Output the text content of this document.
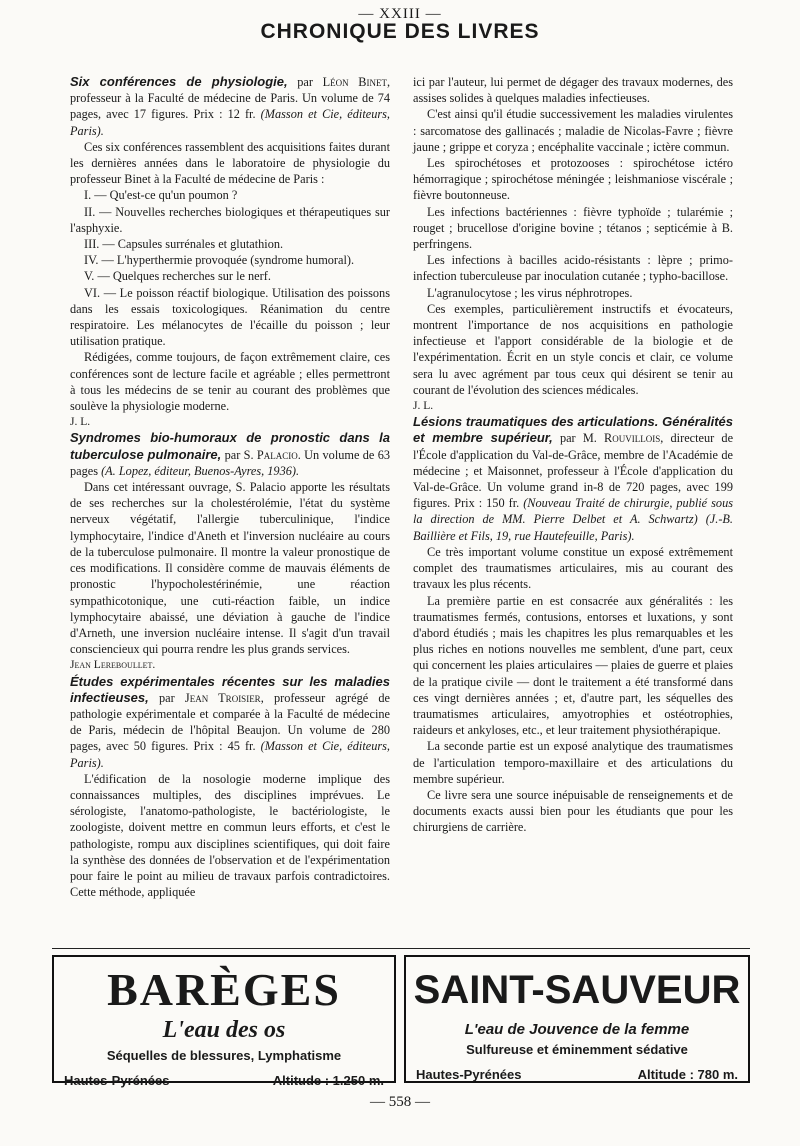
— XXIII —
CHRONIQUE DES LIVRES

Six conférences de physiologie, par Léon Binet, professeur à la Faculté de médecine de Paris. Un volume de 74 pages, avec 17 figures. Prix : 12 fr. (Masson et Cie, éditeurs, Paris).

Ces six conférences rassemblent des acquisitions faites durant les dernières années dans le laboratoire de physiologie du professeur Binet à la Faculté de médecine de Paris :

I. — Qu'est-ce qu'un poumon ?

II. — Nouvelles recherches biologiques et thérapeutiques sur l'asphyxie.

III. — Capsules surrénales et glutathion.

IV. — L'hyperthermie provoquée (syndrome humoral).

V. — Quelques recherches sur le nerf.

VI. — Le poisson réactif biologique. Utilisation des poissons dans les essais toxicologiques. Réanimation du centre respiratoire. Les mélanocytes de l'écaille du poisson ; leur utilisation pratique.

Rédigées, comme toujours, de façon extrêmement claire, ces conférences sont de lecture facile et agréable ; elles permettront à tous les médecins de se tenir au courant des problèmes que soulève la physiologie moderne.

J. L.

Syndromes bio-humoraux de pronostic dans la tuberculose pulmonaire, par S. Palacio. Un volume de 63 pages (A. Lopez, éditeur, Buenos-Ayres, 1936).

Dans cet intéressant ouvrage, S. Palacio apporte les résultats de ses recherches sur la cholestérolémie, l'état du système nerveux végétatif, l'allergie tuberculinique, l'indice lymphocytaire, l'indice d'Aneth et l'inversion nucléaire au cours de la tuberculose pulmonaire. Il montre la valeur pronostique de ces modifications. Il considère comme de mauvais éléments de pronostic l'hypocholestérinémie, une réaction sympathicotonique, une cuti-réaction faible, un indice lymphocytaire abaissé, une déviation à gauche de l'indice d'Arneth, une inversion nucléaire intense. Il s'agit d'un travail consciencieux qui pourra rendre les plus grands services.

Jean Lereboullet.

Études expérimentales récentes sur les maladies infectieuses, par Jean Troisier, professeur agrégé de pathologie expérimentale et comparée à la Faculté de médecine de Paris, médecin de l'hôpital Beaujon. Un volume de 280 pages, avec 50 figures. Prix : 45 fr. (Masson et Cie, éditeurs, Paris).

L'édification de la nosologie moderne implique des connaissances multiples, des disciplines imprévues. Le sérologiste, l'anatomo-pathologiste, le bactériologiste, le zoologiste, doivent mettre en commun leurs efforts, et c'est le pathologiste, rompu aux disciplines scientifiques, qui doit faire la synthèse des données de l'observation et de l'expérimentation pour faire le point au milieu de travaux parfois contradictoires. Cette méthode, appliquée

ici par l'auteur, lui permet de dégager des travaux modernes, des assises solides à quelques maladies infectieuses.

C'est ainsi qu'il étudie successivement les maladies virulentes : sarcomatose des gallinacés ; maladie de Nicolas-Favre ; fièvre jaune ; grippe et coryza ; encéphalite vaccinale ; ictère commun.

Les spirochétoses et protozooses : spirochétose ictéro hémorragique ; spirochétose méningée ; leishmaniose viscérale ; fièvre boutonneuse.

Les infections bactériennes : fièvre typhoïde ; tularémie ; rouget ; brucellose d'origine bovine ; tétanos ; septicémie à B. perfringens.

Les infections à bacilles acido-résistants : lèpre ; primo-infection tuberculeuse par inoculation cutanée ; typho-bacillose.

L'agranulocytose ; les virus néphrotropes.

Ces exemples, particulièrement instructifs et évocateurs, montrent l'importance de nos acquisitions en pathologie infectieuse et l'apport considérable de la biologie et de l'expérimentation. Écrit en un style concis et clair, ce volume sera lu avec agrément par tous ceux qui désirent se tenir au courant de l'évolution des sciences médicales.

J. L.

Lésions traumatiques des articulations. Généralités et membre supérieur, par M. Rouvillois, directeur de l'École d'application du Val-de-Grâce, membre de l'Académie de médecine ; et Maisonnet, professeur à l'École d'application du Val-de-Grâce. Un volume grand in-8 de 720 pages, avec 199 figures. Prix : 150 fr. (Nouveau Traité de chirurgie, publié sous la direction de MM. Pierre Delbet et A. Schwartz) (J.-B. Baillière et Fils, 19, rue Hautefeuille, Paris).

Ce très important volume constitue un exposé extrêmement complet des traumatismes articulaires, mis au courant des travaux les plus récents.

La première partie en est consacrée aux généralités : les traumatismes fermés, contusions, entorses et luxations, y sont d'abord étudiés ; mais les chapitres les plus remarquables et les plus riches en notions nouvelles me semblent, d'une part, ceux qui concernent les plaies articulaires — plaies de guerre et plaies de la pratique civile — dont le traitement a été transformé dans ces vingt dernières années ; et, d'autre part, les séquelles des traumatismes articulaires, amyotrophies et ostéotrophies, raideurs et ankyloses, etc., et leur traitement physiothérapique.

La seconde partie est un exposé analytique des traumatismes de l'articulation temporo-maxillaire et des articulations du membre supérieur.

Ce livre sera une source inépuisable de renseignements et de documents exacts aussi bien pour les étudiants que pour les chirurgiens de carrière.

BARÈGES
L'eau des os
Séquelles de blessures, Lymphatisme
Hautes-Pyrénées	Altitude : 1.250 m.
SAINT-SAUVEUR
L'eau de Jouvence de la femme
Sulfureuse et éminemment sédative
Hautes-Pyrénées	Altitude : 780 m.
— 558 —
